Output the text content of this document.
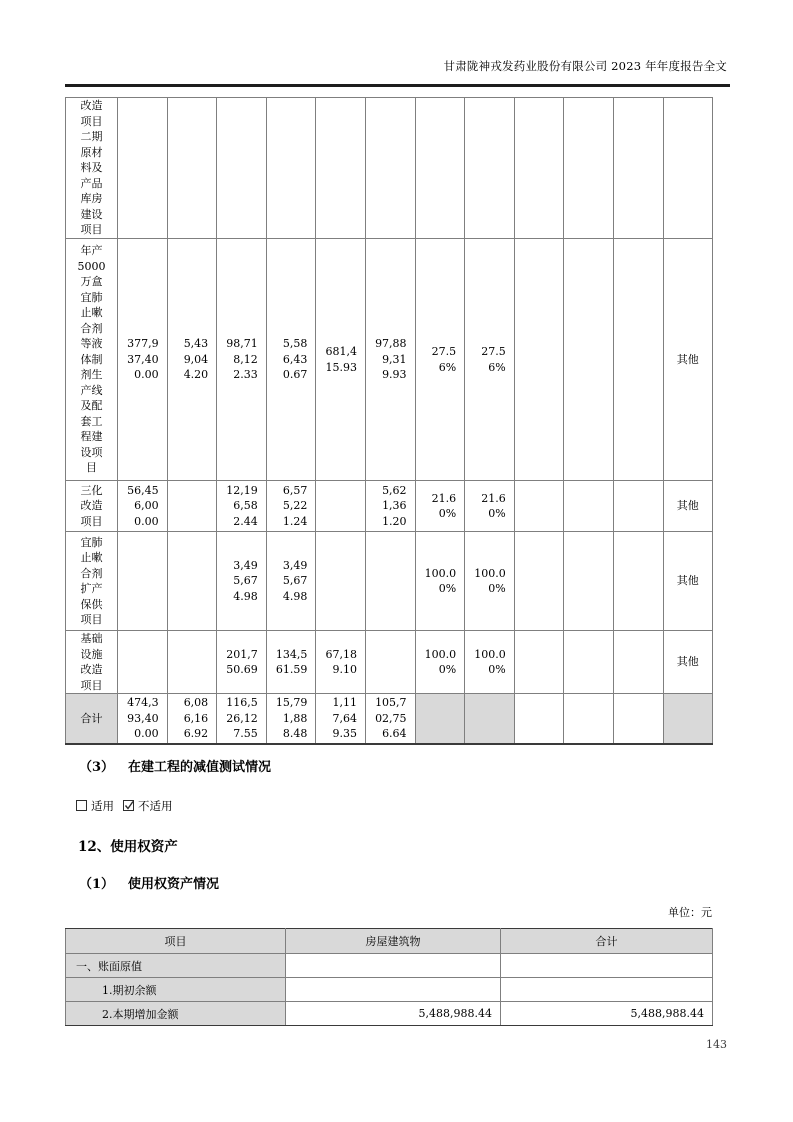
甘肃陇神戎发药业股份有限公司 2023 年年度报告全文
改造项目二期原材料及产品库房建设项目												
年产5000万盒宜肺止嗽合剂等液体制剂生产线及配套工程建设项目	377,937,400.00	5,439,044.20	98,718,122.33	5,586,430.67	681,415.93	97,889,319.93	27.56%	27.56%				其他
三化改造项目	56,456,000.00		12,196,582.44	6,575,221.24		5,621,361.20	21.60%	21.60%				其他
宜肺止嗽合剂扩产保供项目			3,495,674.98	3,495,674.98			100.00%	100.00%				其他
基础设施改造项目			201,750.69	134,561.59	67,189.10		100.00%	100.00%				其他
合计	474,393,400.00	6,086,166.92	116,526,127.55	15,791,888.48	1,117,649.35	105,702,756.64						
（3） 在建工程的减值测试情况
适用 不适用
12、使用权资产
（1） 使用权资产情况
单位：元
项目	房屋建筑物	合计
一、账面原值		
1.期初余额		
2.本期增加金额	5,488,988.44	5,488,988.44
143
